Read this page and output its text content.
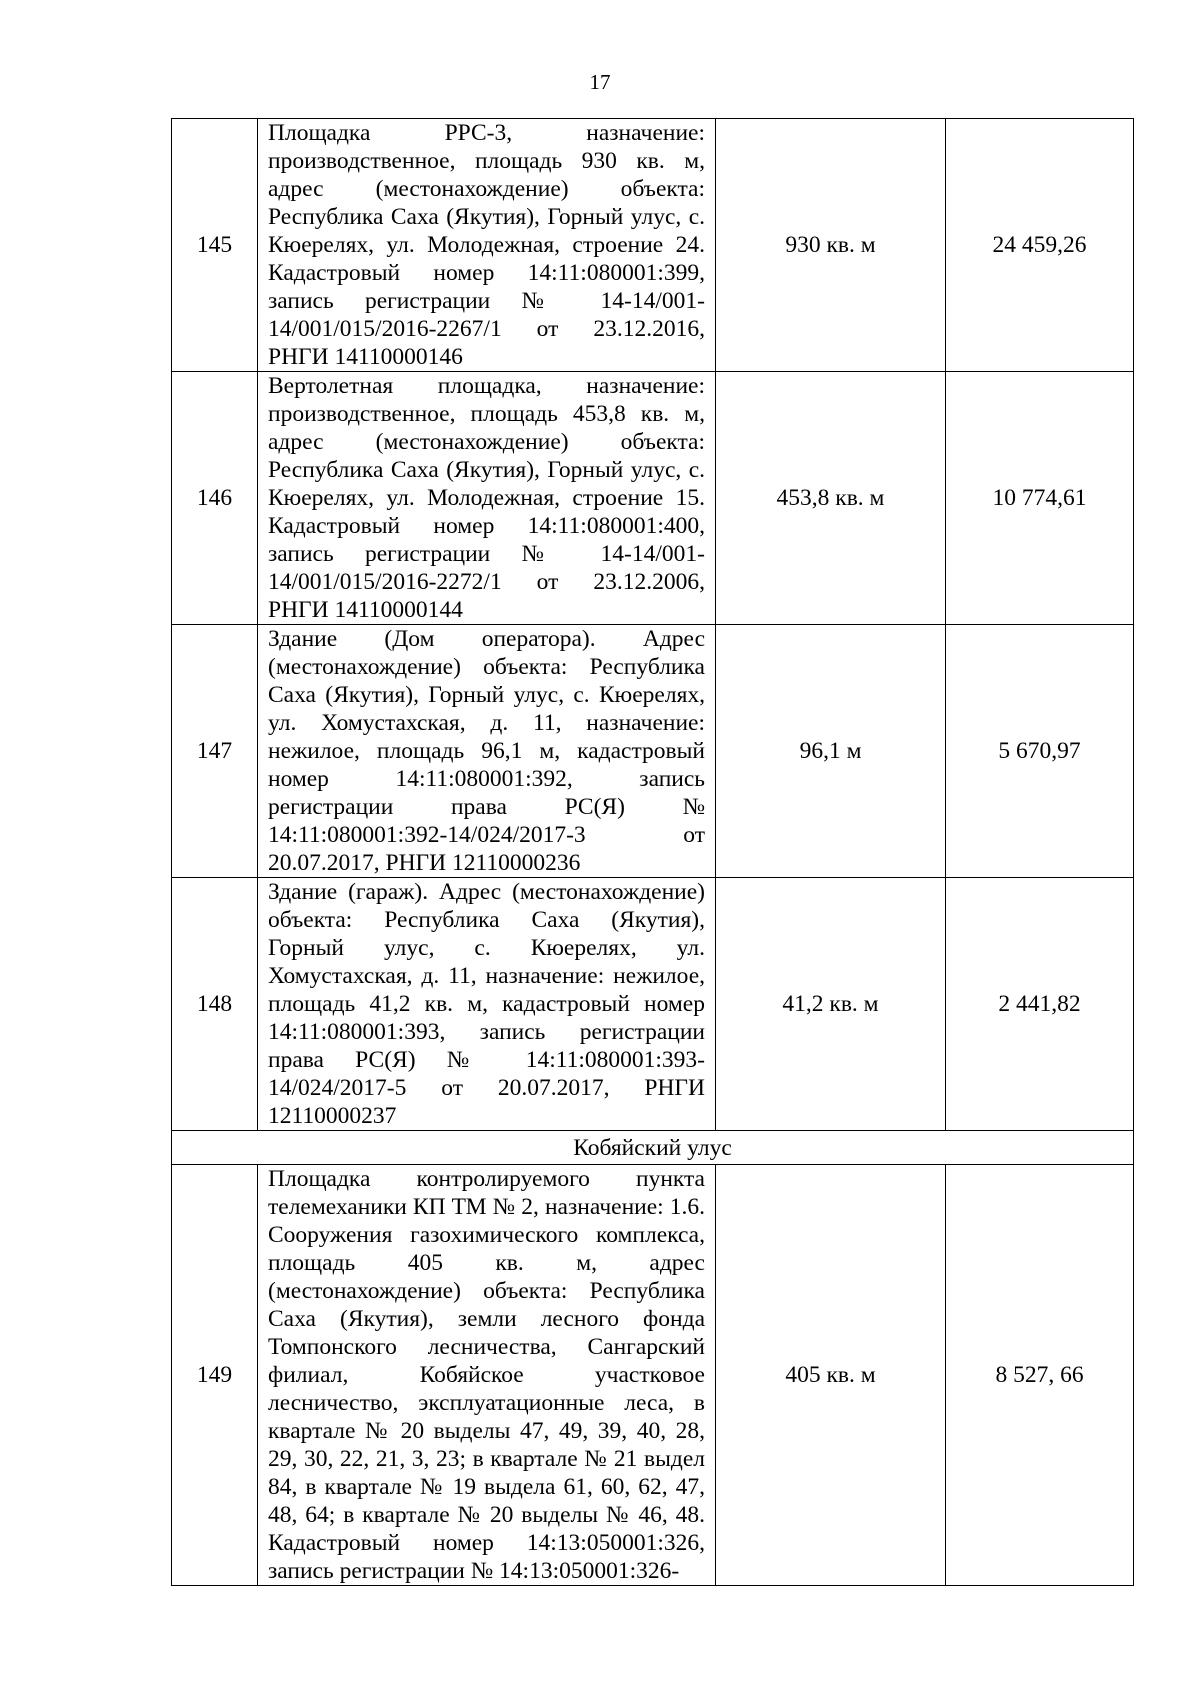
17
145	Площадка РРС-3, назначение: производственное, площадь 930 кв. м, адрес (местонахождение) объекта: Республика Саха (Якутия), Горный улус, с. Кюерелях, ул. Молодежная, строение 24. Кадастровый номер 14:11:080001:399, запись регистрации № 14-14/001-14/001/015/2016-2267/1 от 23.12.2016, РНГИ 14110000146	930 кв. м	24 459,26
146	Вертолетная площадка, назначение: производственное, площадь 453,8 кв. м, адрес (местонахождение) объекта: Республика Саха (Якутия), Горный улус, с. Кюерелях, ул. Молодежная, строение 15. Кадастровый номер 14:11:080001:400, запись регистрации № 14-14/001-14/001/015/2016-2272/1 от 23.12.2006, РНГИ 14110000144	453,8 кв. м	10 774,61
147	Здание (Дом оператора). Адрес (местонахождение) объекта: Республика Саха (Якутия), Горный улус, с. Кюерелях, ул. Хомустахская, д. 11, назначение: нежилое, площадь 96,1 м, кадастровый номер 14:11:080001:392, запись регистрации права РС(Я) № 14:11:080001:392-14/024/2017-3 от 20.07.2017, РНГИ 12110000236	96,1 м	5 670,97
148	Здание (гараж). Адрес (местонахождение) объекта: Республика Саха (Якутия), Горный улус, с. Кюерелях, ул. Хомустахская, д. 11, назначение: нежилое, площадь 41,2 кв. м, кадастровый номер 14:11:080001:393, запись регистрации права РС(Я) № 14:11:080001:393-14/024/2017-5 от 20.07.2017, РНГИ 12110000237	41,2 кв. м	2 441,82
Кобяйский улус			
149	Площадка контролируемого пункта телемеханики КП ТМ № 2, назначение: 1.6. Сооружения газохимического комплекса, площадь 405 кв. м, адрес (местонахождение) объекта: Республика Саха (Якутия), земли лесного фонда Томпонского лесничества, Сангарский филиал, Кобяйское участковое лесничество, эксплуатационные леса, в квартале № 20 выделы 47, 49, 39, 40, 28, 29, 30, 22, 21, 3, 23; в квартале № 21 выдел 84, в квартале № 19 выдела 61, 60, 62, 47, 48, 64; в квартале № 20 выделы № 46, 48. Кадастровый номер 14:13:050001:326, запись регистрации № 14:13:050001:326-	405 кв. м	8 527, 66
